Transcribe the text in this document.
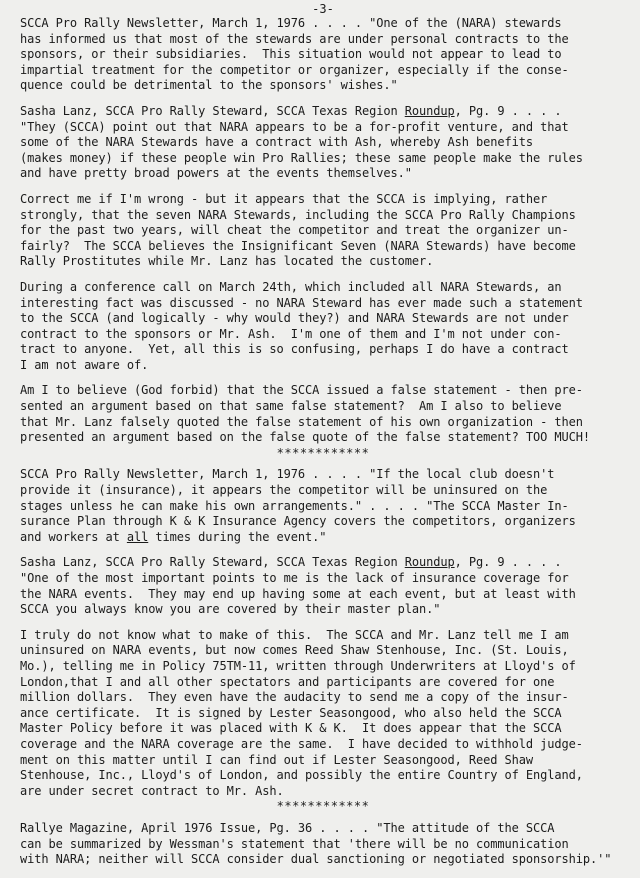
-3-

SCCA Pro Rally Newsletter, March 1, 1976 . . . . "One of the (NARA) stewards

has informed us that most of the stewards are under personal contracts to the

sponsors, or their subsidiaries.  This situation would not appear to lead to

impartial treatment for the competitor or organizer, especially if the conse-

quence could be detrimental to the sponsors' wishes."

Sasha Lanz, SCCA Pro Rally Steward, SCCA Texas Region Roundup, Pg. 9 . . . .

"They (SCCA) point out that NARA appears to be a for-profit venture, and that

some of the NARA Stewards have a contract with Ash, whereby Ash benefits

(makes money) if these people win Pro Rallies; these same people make the rules

and have pretty broad powers at the events themselves."

Correct me if I'm wrong - but it appears that the SCCA is implying, rather

strongly, that the seven NARA Stewards, including the SCCA Pro Rally Champions

for the past two years, will cheat the competitor and treat the organizer un-

fairly?  The SCCA believes the Insignificant Seven (NARA Stewards) have become

Rally Prostitutes while Mr. Lanz has located the customer.

During a conference call on March 24th, which included all NARA Stewards, an

interesting fact was discussed - no NARA Steward has ever made such a statement

to the SCCA (and logically - why would they?) and NARA Stewards are not under

contract to the sponsors or Mr. Ash.  I'm one of them and I'm not under con-

tract to anyone.  Yet, all this is so confusing, perhaps I do have a contract

I am not aware of.

Am I to believe (God forbid) that the SCCA issued a false statement - then pre-

sented an argument based on that same false statement?  Am I also to believe

that Mr. Lanz falsely quoted the false statement of his own organization - then

presented an argument based on the false quote of the false statement? TOO MUCH!

************

SCCA Pro Rally Newsletter, March 1, 1976 . . . . "If the local club doesn't

provide it (insurance), it appears the competitor will be uninsured on the

stages unless he can make his own arrangements." . . . . "The SCCA Master In-

surance Plan through K & K Insurance Agency covers the competitors, organizers

and workers at all times during the event."

Sasha Lanz, SCCA Pro Rally Steward, SCCA Texas Region Roundup, Pg. 9 . . . .

"One of the most important points to me is the lack of insurance coverage for

the NARA events.  They may end up having some at each event, but at least with

SCCA you always know you are covered by their master plan."

I truly do not know what to make of this.  The SCCA and Mr. Lanz tell me I am

uninsured on NARA events, but now comes Reed Shaw Stenhouse, Inc. (St. Louis,

Mo.), telling me in Policy 75TM-11, written through Underwriters at Lloyd's of

London,that I and all other spectators and participants are covered for one

million dollars.  They even have the audacity to send me a copy of the insur-

ance certificate.  It is signed by Lester Seasongood, who also held the SCCA

Master Policy before it was placed with K & K.  It does appear that the SCCA

coverage and the NARA coverage are the same.  I have decided to withhold judge-

ment on this matter until I can find out if Lester Seasongood, Reed Shaw

Stenhouse, Inc., Lloyd's of London, and possibly the entire Country of England,

are under secret contract to Mr. Ash.

************

Rallye Magazine, April 1976 Issue, Pg. 36 . . . . "The attitude of the SCCA

can be summarized by Wessman's statement that 'there will be no communication

with NARA; neither will SCCA consider dual sanctioning or negotiated sponsorship.'"
